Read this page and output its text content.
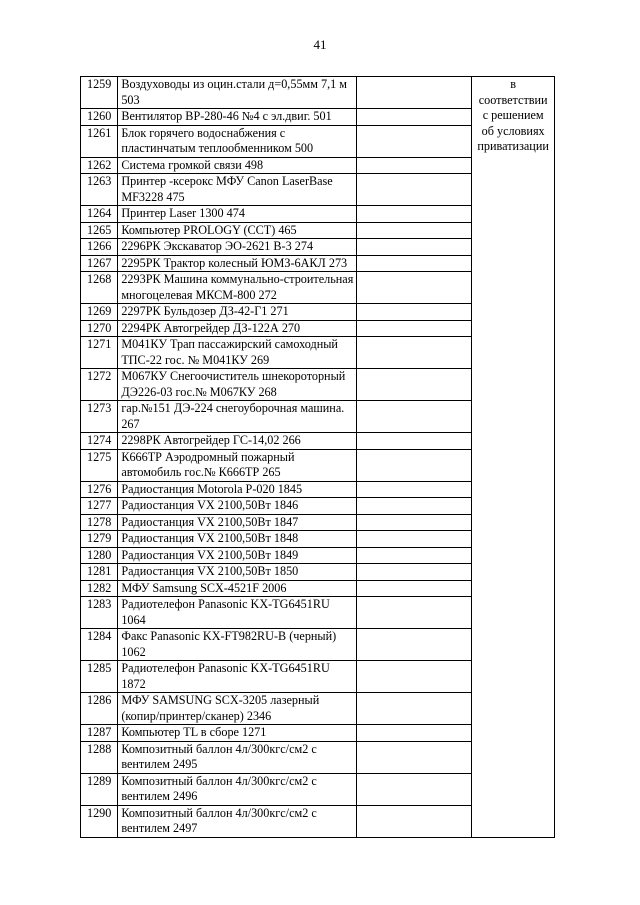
41
1259	Воздуховоды из оцин.стали д=0,55мм 7,1 м 503		в
соответствии
с решением
об условиях
приватизации

1260	Вентилятор ВР-280-46 №4 с эл.двиг. 501		
1261	Блок горячего водоснабжения с пластинчатым теплообменником 500		
1262	Система громкой связи 498		
1263	Принтер -ксерокс МФУ Canon LaserBase MF3228 475		
1264	Принтер Laser 1300 474		
1265	Компьютер PROLOGY (CCT) 465		
1266	2296РК Экскаватор ЭО-2621 В-3 274		
1267	2295РК Трактор колесный ЮМЗ-6АКЛ 273		
1268	2293РК Машина коммунально-строительная многоцелевая МКСМ-800 272		
1269	2297РК Бульдозер ДЗ-42-Г1 271		
1270	2294РК Автогрейдер ДЗ-122А 270		
1271	М041КУ Трап пассажирский самоходный ТПС-22 гос. № М041КУ 269		
1272	М067КУ Снегоочиститель шнекороторный ДЭ226-03 гос.№ М067КУ 268		
1273	гар.№151 ДЭ-224 снегоуборочная машина. 267		
1274	2298РК Автогрейдер ГС-14,02 266		
1275	К666ТР Аэродромный пожарный автомобиль гос.№ К666ТР 265		
1276	Радиостанция Motorola P-020 1845		
1277	Радиостанция VX 2100,50Вт 1846		
1278	Радиостанция VX 2100,50Вт 1847		
1279	Радиостанция VX 2100,50Вт 1848		
1280	Радиостанция VX 2100,50Вт 1849		
1281	Радиостанция VX 2100,50Вт 1850		
1282	МФУ Samsung SCX-4521F 2006		
1283	Радиотелефон Panasonic KX-TG6451RU 1064		
1284	Факс Panasonic KX-FT982RU-B (черный) 1062		
1285	Радиотелефон Panasonic KX-TG6451RU 1872		
1286	МФУ SAMSUNG SCX-3205 лазерный (копир/принтер/сканер) 2346		
1287	Компьютер TL в сборе 1271		
1288	Композитный баллон 4л/300кгс/см2 с вентилем 2495		
1289	Композитный баллон 4л/300кгс/см2 с вентилем 2496		
1290	Композитный баллон 4л/300кгс/см2 с вентилем 2497		
